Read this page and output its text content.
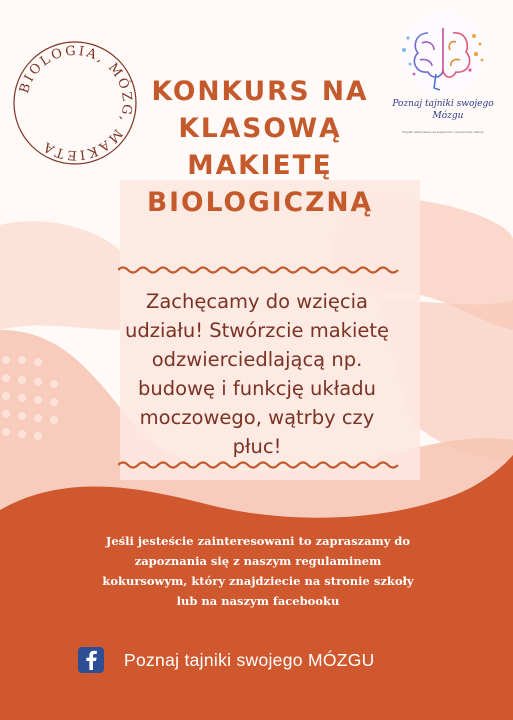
BIOLOGIA, MÓZG, MAKIETA
Poznaj tajniki swojego
Mózgu
Projekt realizowany ze wsparciem nauczyciela i szkoły
KONKURS NA
KLASOWĄ
MAKIETĘ
BIOLOGICZNĄ
Zachęcamy do wzięcia
udziału! Stwórzcie makietę
odzwierciedlającą np.
budowę i funkcję układu
moczowego, wątrby czy
płuc!
Jeśli jesteście zainteresowani to zapraszamy do
zapoznania się z naszym regulaminem
kokursowym, który znajdziecie na stronie szkoły
lub na naszym facebooku
Poznaj tajniki swojego MÓZGU
